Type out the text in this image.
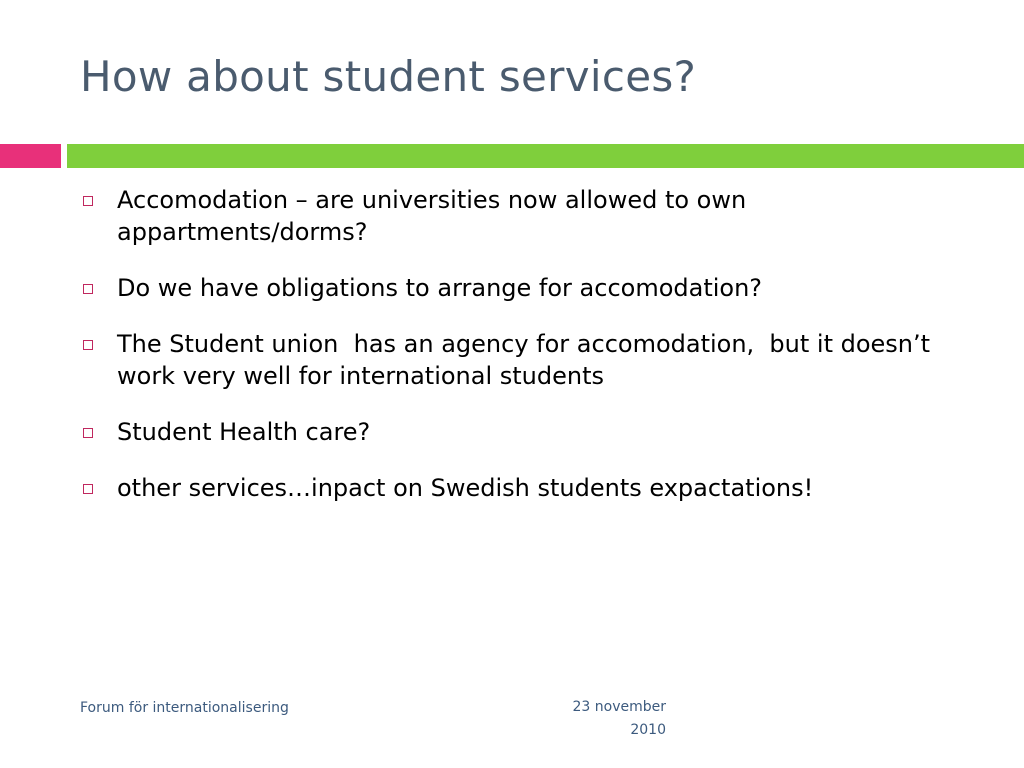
How about student services?
Accomodation – are universities now allowed to own appartments/dorms?
Do we have obligations to arrange for accomodation?
The Student union  has an agency for accomodation,  but it doesn’t work very well for international students
Student Health care?
other services…inpact on Swedish students expactations!
Forum för internationalisering	23 november
2010
